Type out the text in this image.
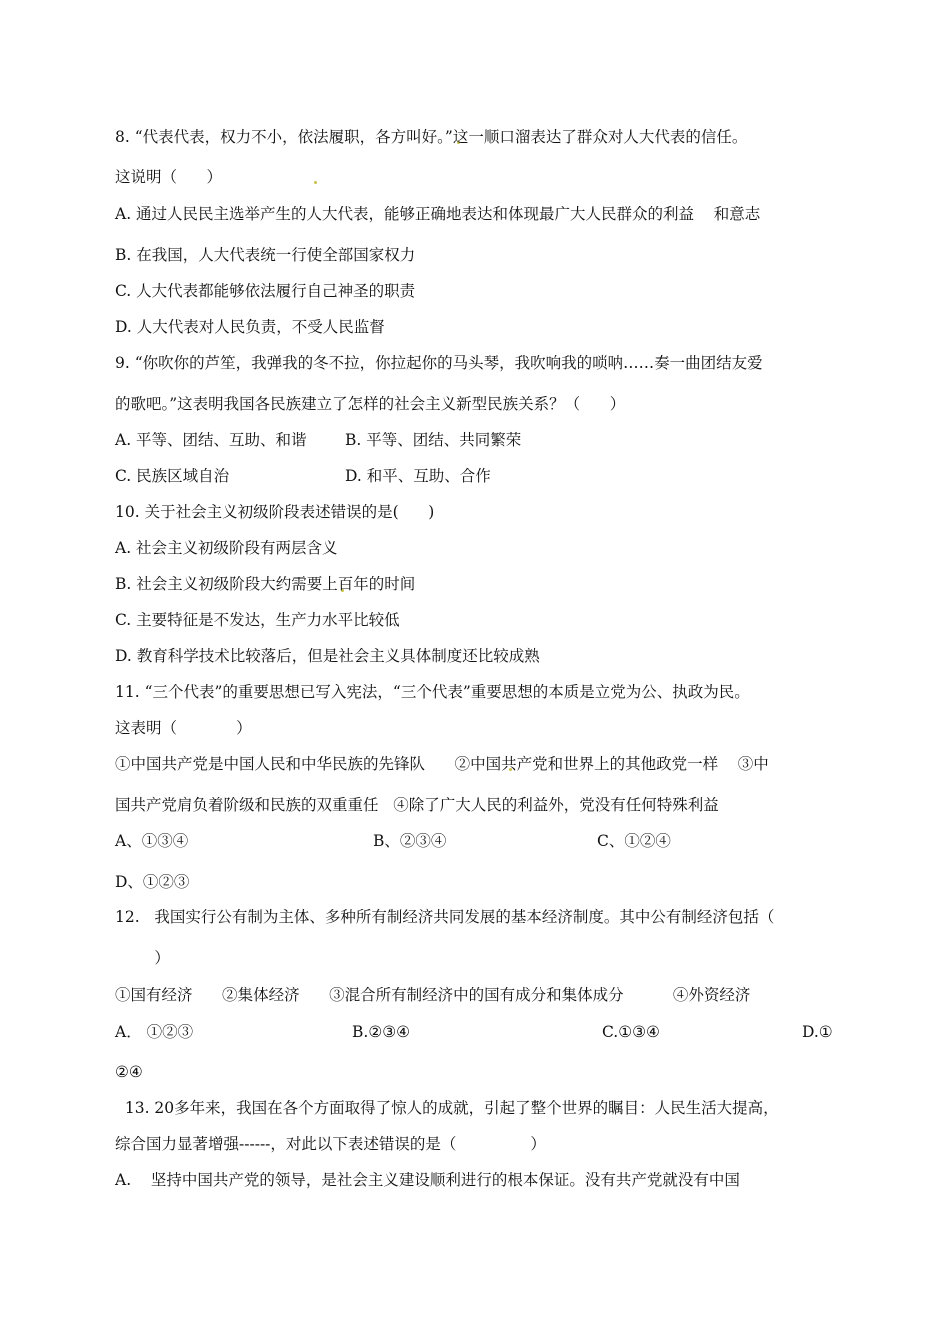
8. “代表代表，权力不小，依法履职，各方叫好。”这一顺口溜表达了群众对人大代表的信任。
这说明（      ）
A. 通过人民民主选举产生的人大代表，能够正确地表达和体现最广大人民群众的利益    和意志
B. 在我国，人大代表统一行使全部国家权力
C. 人大代表都能够依法履行自己神圣的职责
D. 人大代表对人民负责，不受人民监督
9. “你吹你的芦笙，我弹我的冬不拉，你拉起你的马头琴，我吹响我的唢呐……奏一曲团结友爱
的歌吧。”这表明我国各民族建立了怎样的社会主义新型民族关系？（      ）
A. 平等、团结、互助、和谐 B. 平等、团结、共同繁荣
C. 民族区域自治	D. 和平、互助、合作
10. 关于社会主义初级阶段表述错误的是(      )
A. 社会主义初级阶段有两层含义
B. 社会主义初级阶段大约需要上百年的时间
C. 主要特征是不发达，生产力水平比较低
D. 教育科学技术比较落后，但是社会主义具体制度还比较成熟
11. “三个代表”的重要思想已写入宪法，“三个代表”重要思想的本质是立党为公、执政为民。
这表明（            ）
①中国共产党是中国人民和中华民族的先锋队      ②中国共产党和世界上的其他政党一样    ③中
国共产党肩负着阶级和民族的双重重任   ④除了广大人民的利益外，党没有任何特殊利益
A、①③④	B、②③④	C、①②④
D、①②③
12.   我国实行公有制为主体、多种所有制经济共同发展的基本经济制度。其中公有制经济包括（
）
①国有经济      ②集体经济      ③混合所有制经济中的国有成分和集体成分          ④外资经济
A． ①②③	B.②③④	C.①③④	D.①
②④
13. 20多年来，我国在各个方面取得了惊人的成就，引起了整个世界的瞩目：人民生活大提高，
综合国力显著增强------，对此以下表述错误的是（               ）
A.    坚持中国共产党的领导，是社会主义建设顺利进行的根本保证。没有共产党就没有中国
